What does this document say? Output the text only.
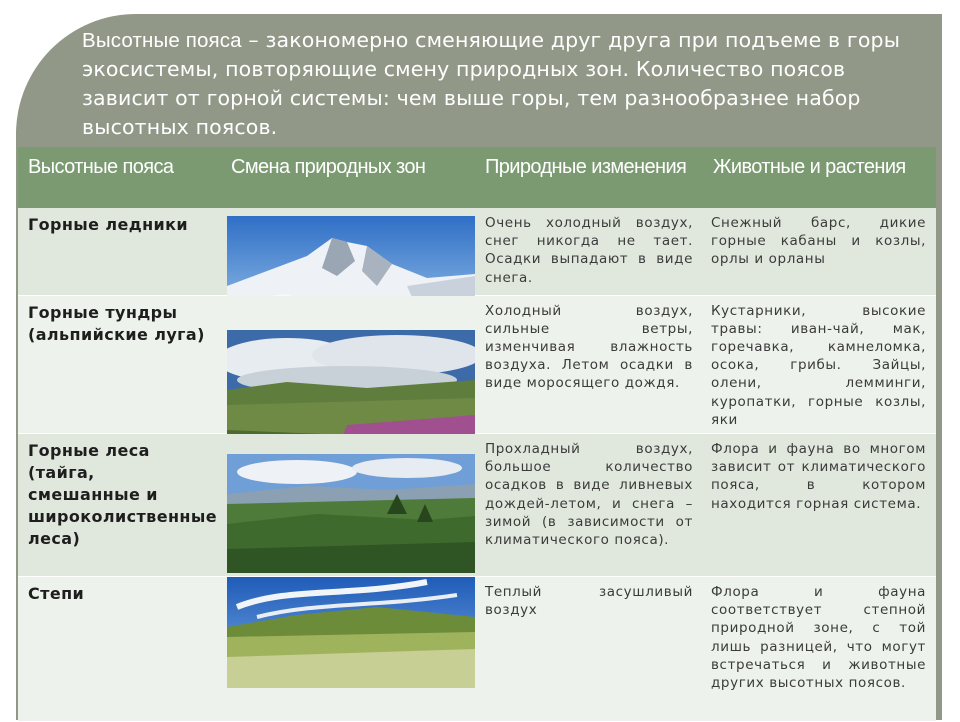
Высотные пояса – закономерно сменяющие друг друга при подъеме в горы экосистемы, повторяющие смену природных зон. Количество поясов зависит от горной системы: чем выше горы, тем разнообразнее набор высотных поясов.
Высотные пояса	Смена природных зон	Природные изменения	Животные и растения
Горные ледники		Очень холодный воздух, снег никогда не тает. Осадки выпадают в виде снега.	Снежный барс, дикие горные кабаны и козлы, орлы и орланы
Горные тундры (альпийские луга)		Холодный воздух, сильные ветры, изменчивая влажность воздуха. Летом осадки в виде моросящего дождя.	Кустарники, высокие травы: иван-чай, мак, горечавка, камнеломка, осока, грибы. Зайцы, олени, лемминги, куропатки, горные козлы, яки
Горные леса (тайга, смешанные и широколиственные леса)		Прохладный воздух, большое количество осадков в виде ливневых дождей-летом, и снега – зимой (в зависимости от климатического пояса).	Флора и фауна во многом зависит от климатического пояса, в котором находится горная система.
Степи		Теплый засушливый воздух	Флора и фауна соответствует степной природной зоне, с той лишь разницей, что могут встречаться и животные других высотных поясов.
